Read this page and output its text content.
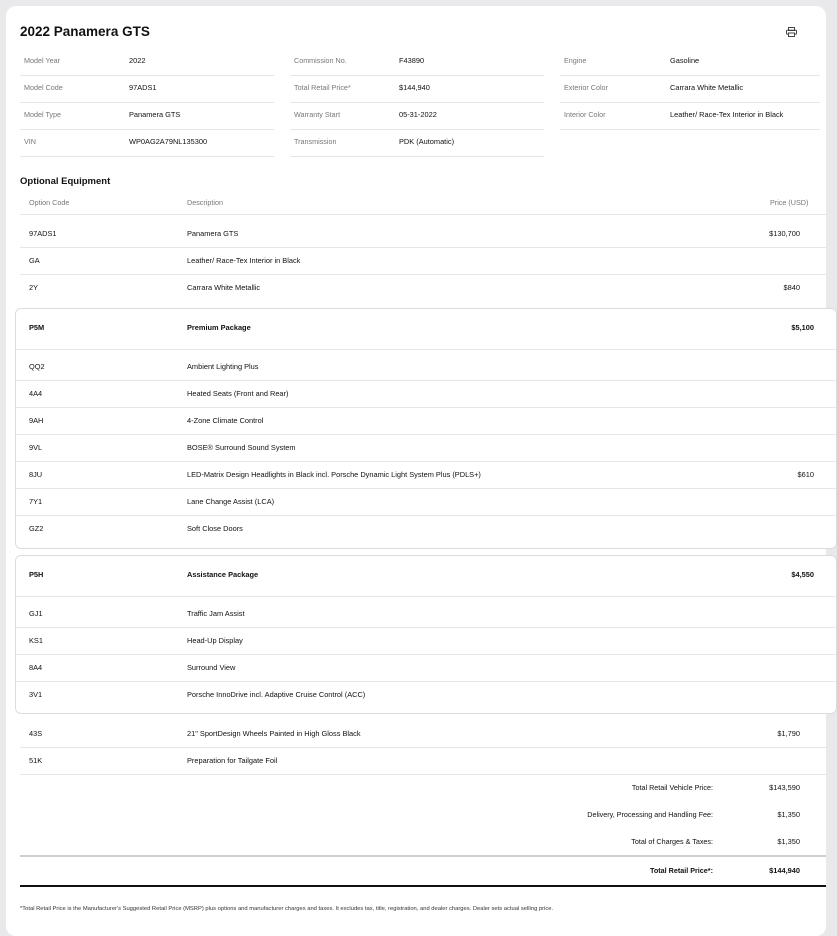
2022 Panamera GTS
Model Year	2022
Model Code	97ADS1
Model Type	Panamera GTS
VIN	WP0AG2A79NL135300
Commission No.	F43890
Total Retail Price*	$144,940
Warranty Start	05-31-2022
Transmission	PDK (Automatic)
Engine	Gasoline
Exterior Color	Carrara White Metallic
Interior Color	Leather/ Race-Tex Interior in Black
Optional Equipment
Option Code	Description	Price (USD)
97ADS1	Panamera GTS	$130,700
GA	Leather/ Race-Tex Interior in Black
2Y	Carrara White Metallic	$840
P5M	Premium Package	$5,100
QQ2	Ambient Lighting Plus
4A4	Heated Seats (Front and Rear)
9AH	4-Zone Climate Control
9VL	BOSE® Surround Sound System
8JU	LED-Matrix Design Headlights in Black incl. Porsche Dynamic Light System Plus (PDLS+)	$610
7Y1	Lane Change Assist (LCA)
GZ2	Soft Close Doors
P5H	Assistance Package	$4,550
GJ1	Traffic Jam Assist
KS1	Head-Up Display
8A4	Surround View
3V1	Porsche InnoDrive incl. Adaptive Cruise Control (ACC)
43S	21" SportDesign Wheels Painted in High Gloss Black	$1,790
51K	Preparation for Tailgate Foil
Total Retail Vehicle Price:	$143,590
Delivery, Processing and Handling Fee:	$1,350
Total of Charges & Taxes:	$1,350
Total Retail Price*:	$144,940
*Total Retail Price is the Manufacturer's Suggested Retail Price (MSRP) plus options and manufacturer charges and taxes. It excludes tax, title, registration, and dealer charges. Dealer sets actual selling price.
